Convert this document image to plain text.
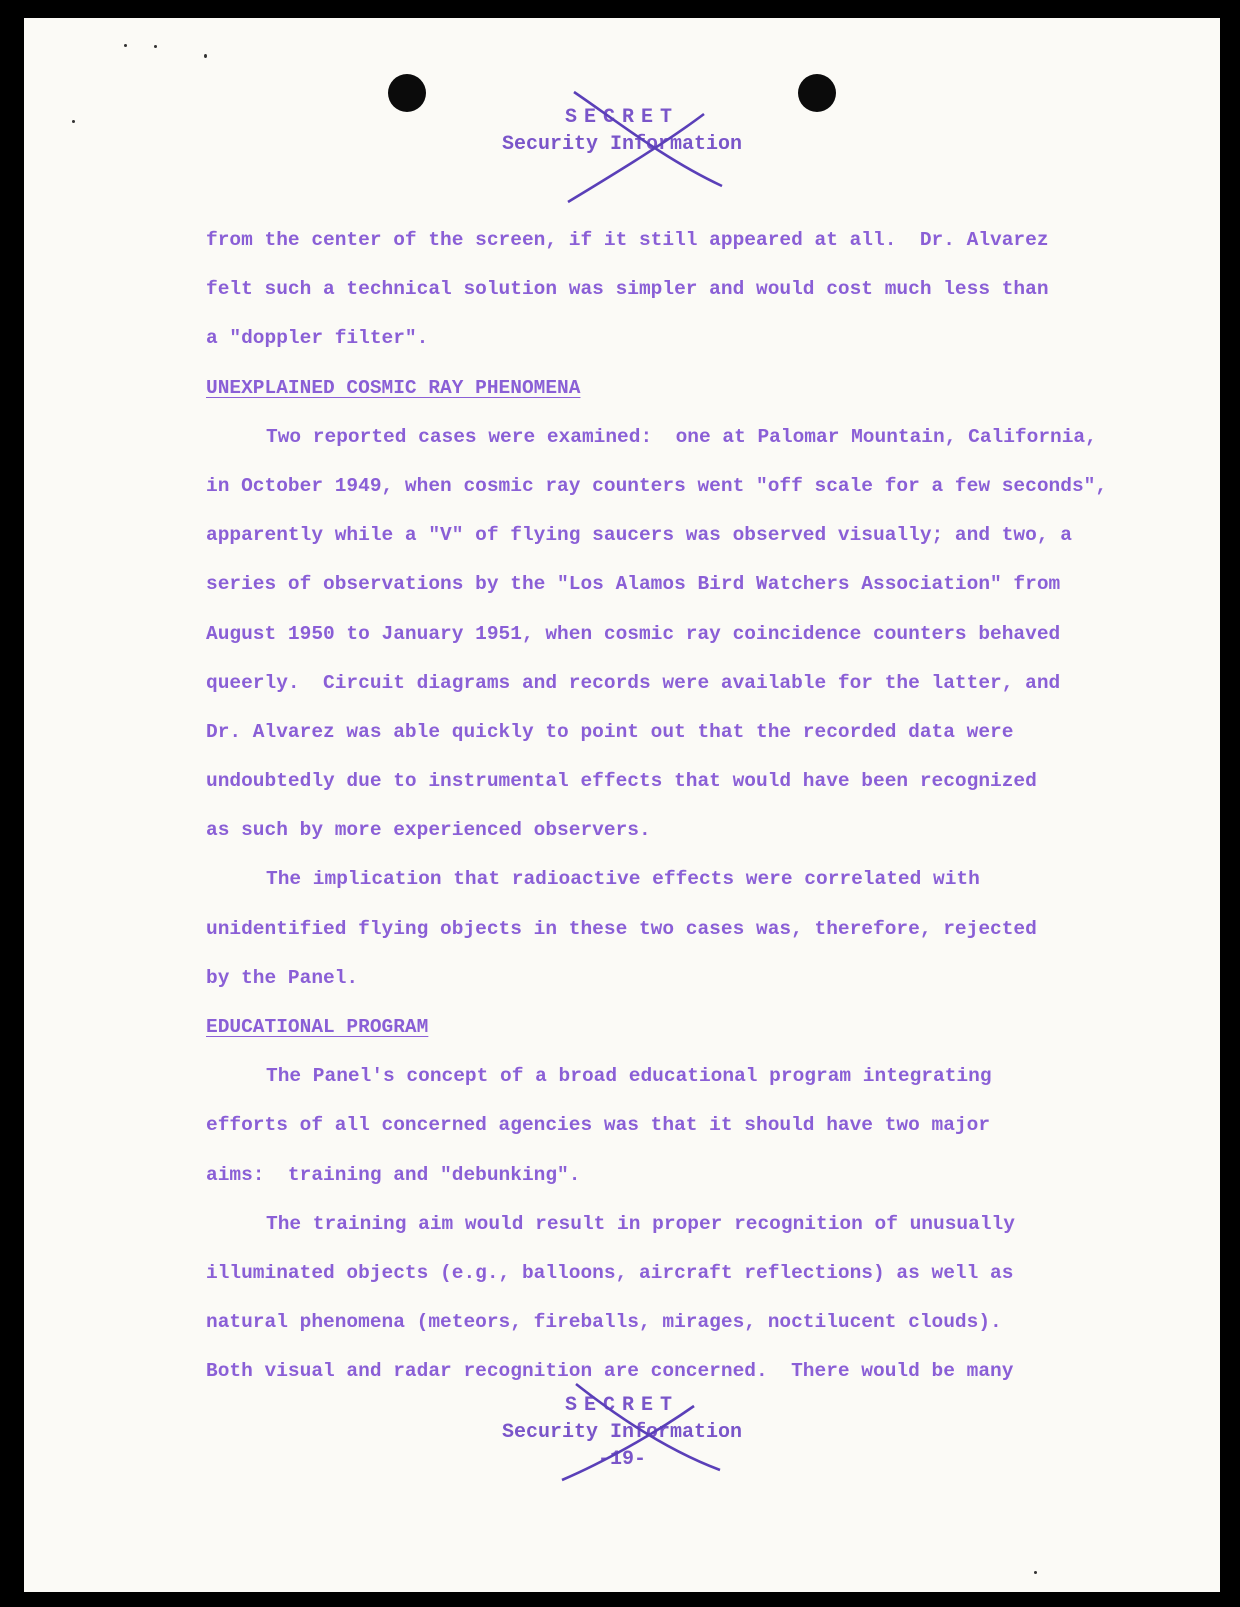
SECRET
Security Information
from the center of the screen, if it still appeared at all.  Dr. Alvarez
felt such a technical solution was simpler and would cost much less than
a "doppler filter".
UNEXPLAINED COSMIC RAY PHENOMENA
Two reported cases were examined:  one at Palomar Mountain, California,
in October 1949, when cosmic ray counters went "off scale for a few seconds",
apparently while a "V" of flying saucers was observed visually; and two, a
series of observations by the "Los Alamos Bird Watchers Association" from
August 1950 to January 1951, when cosmic ray coincidence counters behaved
queerly.  Circuit diagrams and records were available for the latter, and
Dr. Alvarez was able quickly to point out that the recorded data were
undoubtedly due to instrumental effects that would have been recognized
as such by more experienced observers.
The implication that radioactive effects were correlated with
unidentified flying objects in these two cases was, therefore, rejected
by the Panel.
EDUCATIONAL PROGRAM
The Panel's concept of a broad educational program integrating
efforts of all concerned agencies was that it should have two major
aims:  training and "debunking".
The training aim would result in proper recognition of unusually
illuminated objects (e.g., balloons, aircraft reflections) as well as
natural phenomena (meteors, fireballs, mirages, noctilucent clouds).
Both visual and radar recognition are concerned.  There would be many
SECRET
Security Information
-19-
